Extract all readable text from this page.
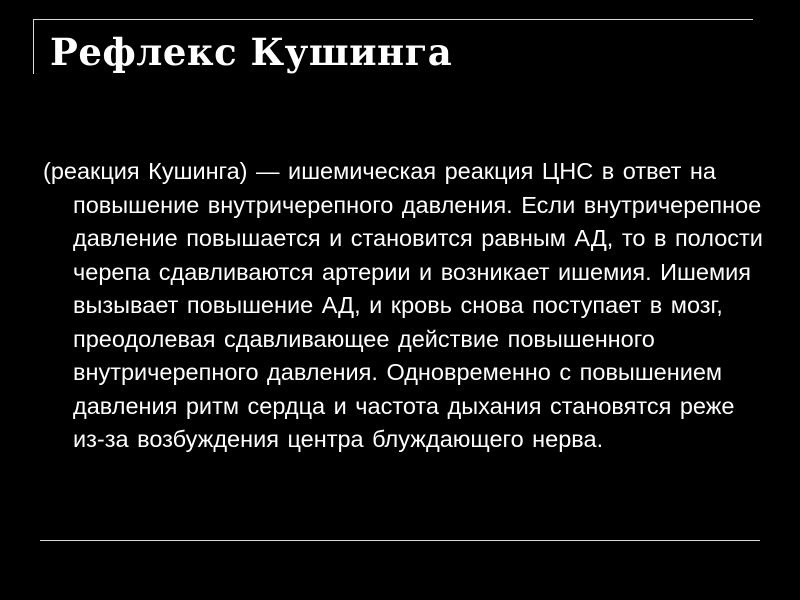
Рефлекс Кушинга

(реакция Кушинга) — ишемическая реакция ЦНС в ответ на повышение внутричерепного давления. Если внутричерепное давление повышается и становится равным АД, то в полости черепа сдавливаются артерии и возникает ишемия. Ишемия вызывает повышение АД, и кровь снова поступает в мозг, преодолевая сдавливающее действие повышенного внутричерепного давления. Одновременно с повышением давления ритм сердца и частота дыхания становятся реже из-за возбуждения центра блуждающего нерва.
